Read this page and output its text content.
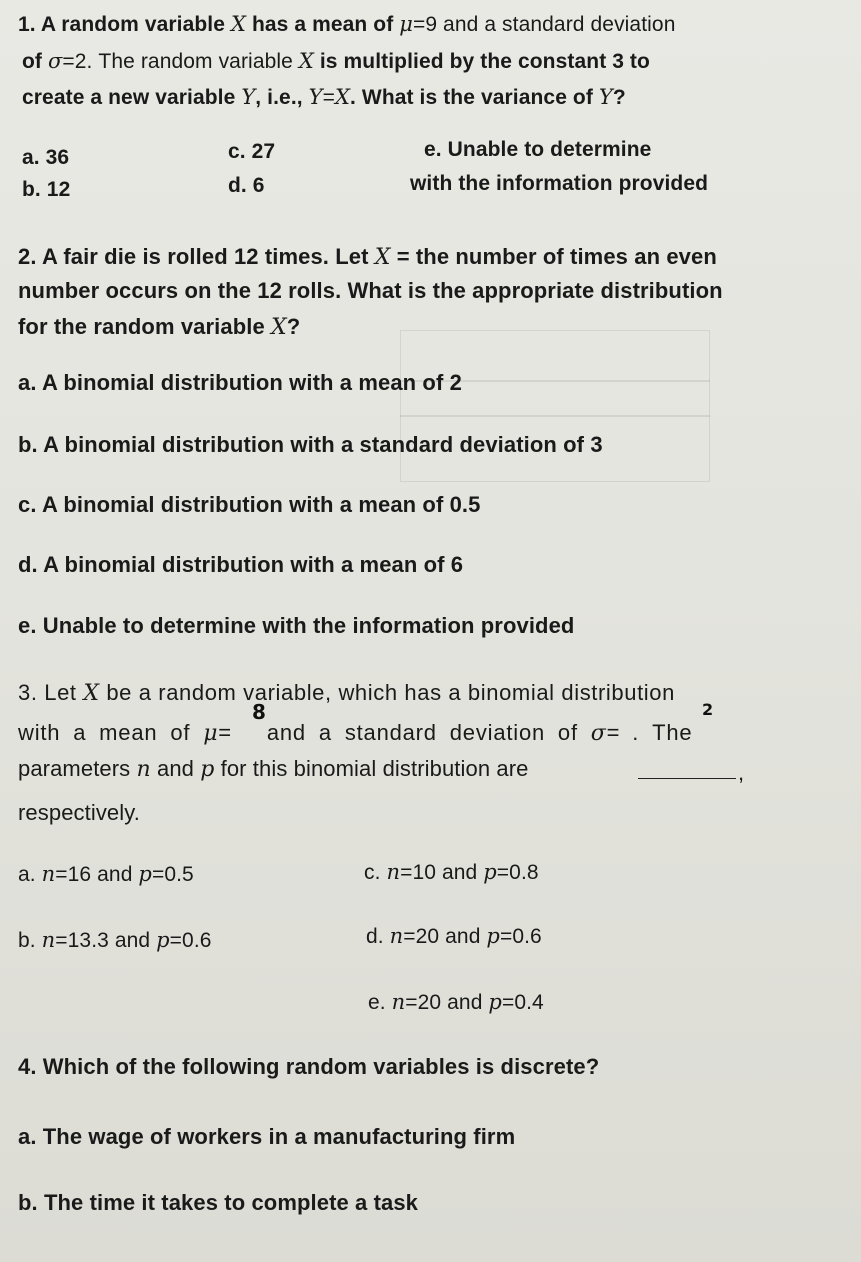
1. A random variable X has a mean of μ=9 and a standard deviation
of σ=2. The random variable X is multiplied by the constant 3 to
create a new variable Y, i.e., Y=X. What is the variance of Y?
a. 36	c. 27	e. Unable to determine
b. 12	d. 6	with the information provided
2. A fair die is rolled 12 times. Let X = the number of times an even
number occurs on the 12 rolls. What is the appropriate distribution
for the random variable X?
a. A binomial distribution with a mean of 2
b. A binomial distribution with a standard deviation of 3
c. A binomial distribution with a mean of 0.5
d. A binomial distribution with a mean of 6
e. Unable to determine with the information provided
3. Let X be a random variable, which has a binomial distribution
with a mean of μ= and a standard deviation of σ= . The
8	2
parameters n and p for this binomial distribution are	,
respectively.
a. n=16 and p=0.5	c. n=10 and p=0.8
b. n=13.3 and p=0.6	d. n=20 and p=0.6
e. n=20 and p=0.4
4. Which of the following random variables is discrete?
a. The wage of workers in a manufacturing firm
b. The time it takes to complete a task
